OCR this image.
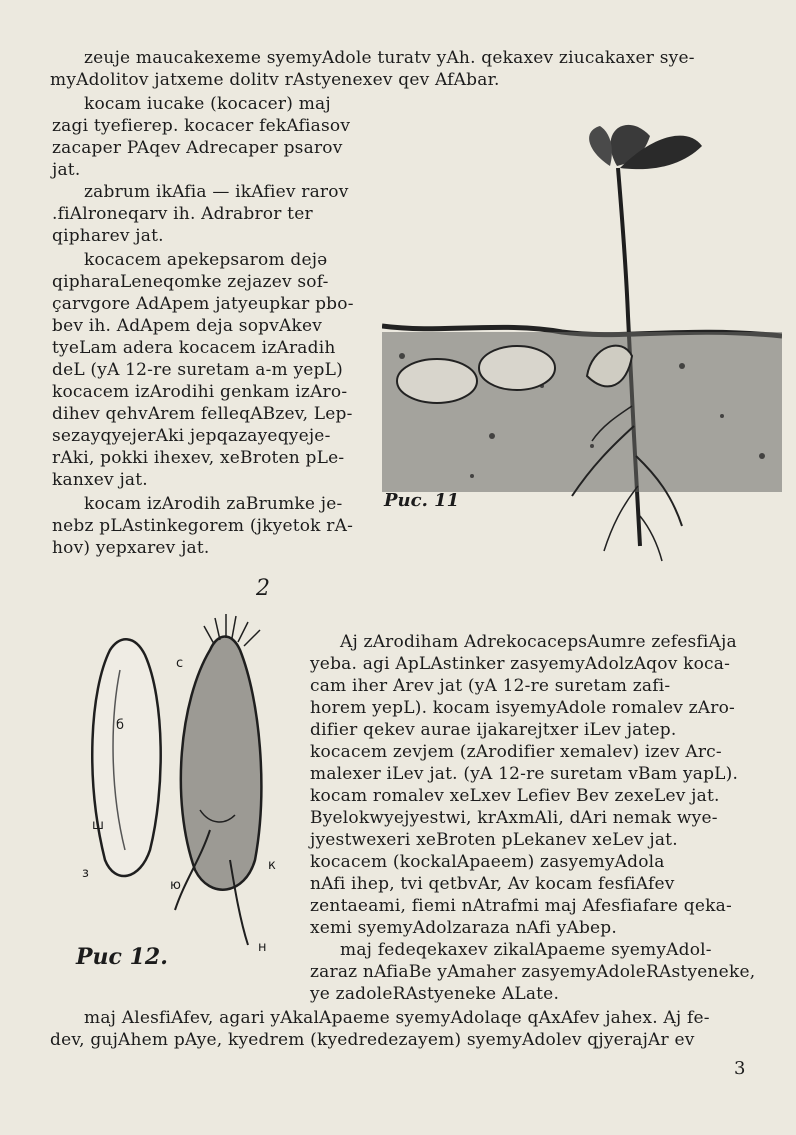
zeuje maucakexeme syemyAdole turatv yAh. qekaxev ziucakaxer sye-
myAdolitov jatxeme dolitv rAstyenexev qev AfAbar.
kocam iucake (kocacer) maj
zagi tyefierep. kocacer fekAfiasov
zacaper PAqev Adrecaper psarov
jat.
zabrum ikAfia — ikAfiev rarov
.fiAlroneqarv ih. Adrabror ter
qipharev jat.
kocacem apekepsarom dejə
qipharaLeneqomke zejazev sof-
çarvgore AdApem jatyeupkar pbo-
bev ih. AdApem deja sopvAkev
tyeLam adera kocacem izAradih
deL (yA 12-re suretam a-m yepL)
kocacem izArodihi genkam izAro-
dihev qehvArem felleqABzev, Lep-
sezayqyejerAki jepqazayeqyeje-
rAki, pokki ihexev, xeBroten pLe-
kanxev jat.
kocam izArodih zaBrumke je-
nebz pLAstinkegorem (jkyetok rA-
hov) yepxarev jat.
Рис. 11
2
с
б
ш
з
ю
к
н
Рис 12.
Aj zArodiham AdrekocacepsAumre zefesfiAja
yeba. agi ApLAstinker zasyemyAdolzAqov koca-
cam iher Arev jat (yA 12-re suretam zafi-
horem yepL). kocam isyemyAdole romalev zAro-
difier qekev aurae ijakarejtxer iLev jatep.
kocacem zevjem (zArodifier xemalev) izev Arc-
malexer iLev jat. (yA 12-re suretam vBam yapL).
kocam romalev xeLxev Lefiev Bev zexeLev jat.
Byelokwyejyestwi, krAxmAli, dAri nemak wye-
jyestwexeri xeBroten pLekanev xeLev jat.
kocacem (kockalApaeem) zasyemyAdola
nAfi ihep, tvi qetbvAr, Av kocam fesfiAfev
zentaeami, fiemi nAtrafmi maj Afesfiafare qeka-
xemi syemyAdolzaraza nAfi yAbep.
maj fedeqekaxev zikalApaeme syemyAdol-
zaraz nAfiaBe yAmaher zasyemyAdoleRAstyeneke,
ye zadoleRAstyeneke ALate.
maj AlesfiAfev, agari yAkalApaeme syemyAdolaqe qAxAfev jahex. Aj fe-
dev, gujAhem pAye, kyedrem (kyedredezayem) syemyAdolev qjyerajAr ev
3
